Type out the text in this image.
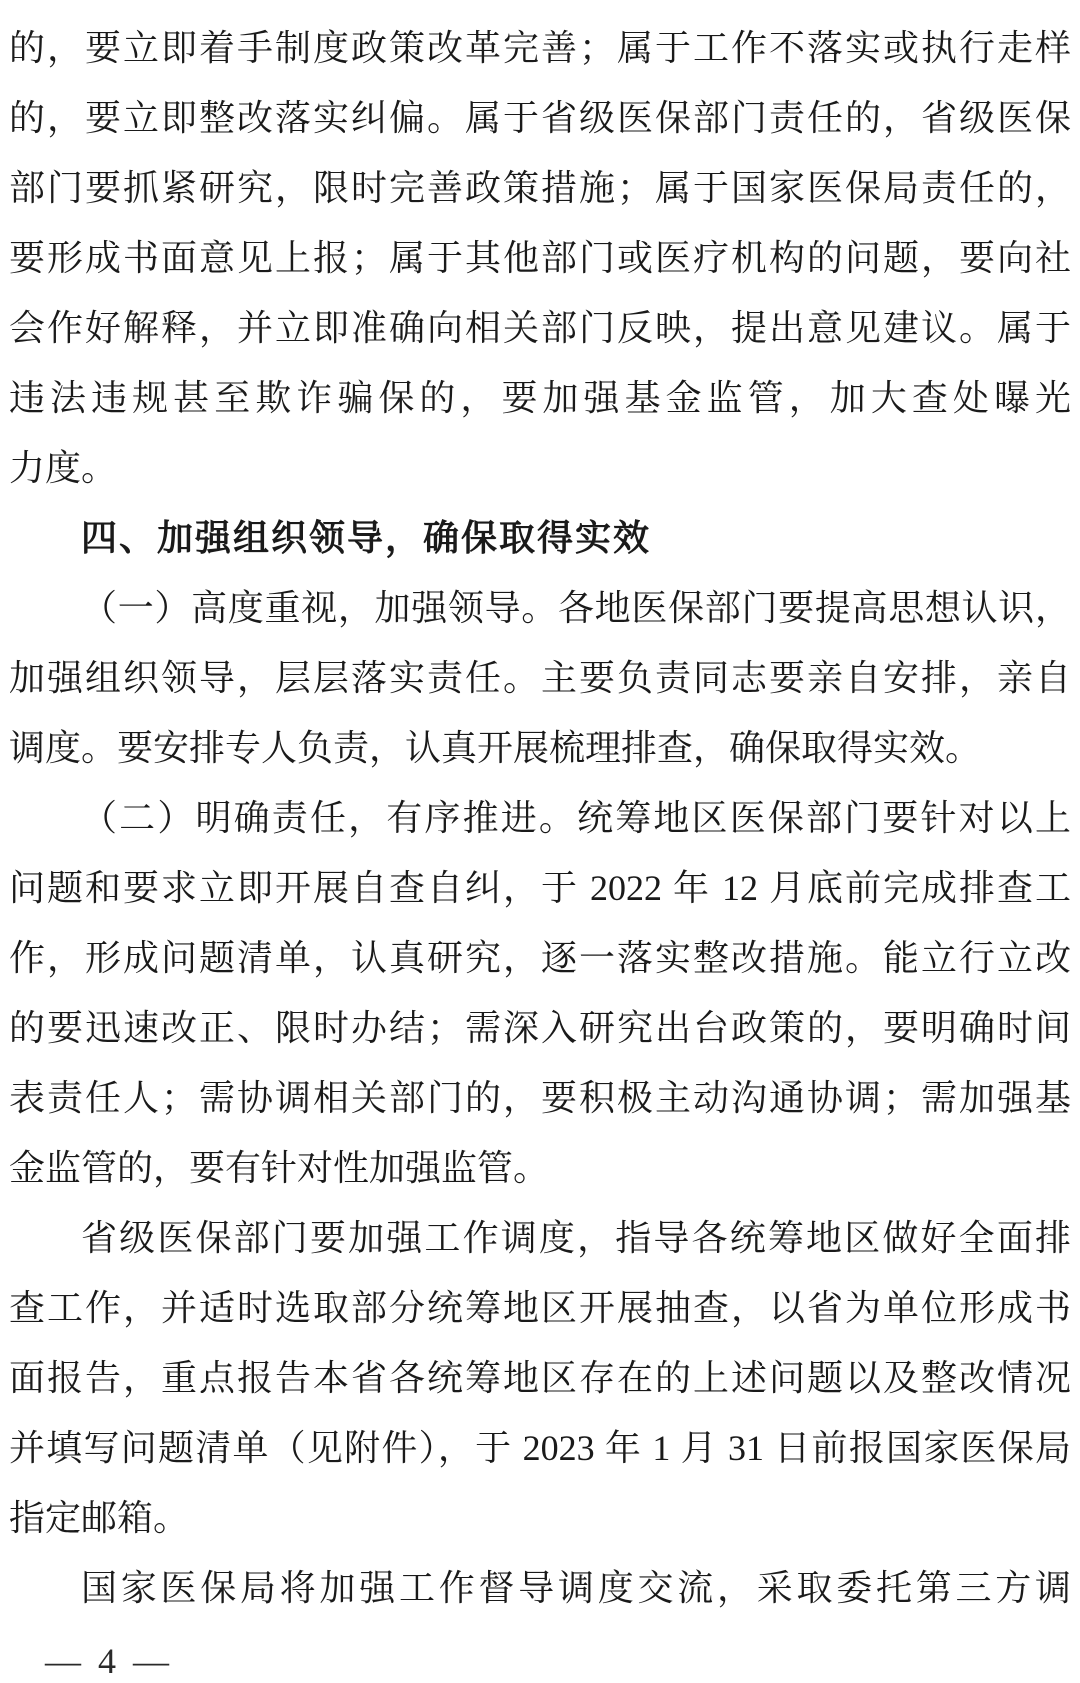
的，要立即着手制度政策改革完善；属于工作不落实或执行走样
的，要立即整改落实纠偏。属于省级医保部门责任的，省级医保
部门要抓紧研究，限时完善政策措施；属于国家医保局责任的，
要形成书面意见上报；属于其他部门或医疗机构的问题，要向社
会作好解释，并立即准确向相关部门反映，提出意见建议。属于
违法违规甚至欺诈骗保的，要加强基金监管，加大查处曝光
力度。
四、加强组织领导，确保取得实效
（一）高度重视，加强领导。各地医保部门要提高思想认识，
加强组织领导，层层落实责任。主要负责同志要亲自安排，亲自
调度。要安排专人负责，认真开展梳理排查，确保取得实效。
（二）明确责任，有序推进。统筹地区医保部门要针对以上
问题和要求立即开展自查自纠，于 2022 年 12 月底前完成排查工
作，形成问题清单，认真研究，逐一落实整改措施。能立行立改
的要迅速改正、限时办结；需深入研究出台政策的，要明确时间
表责任人；需协调相关部门的，要积极主动沟通协调；需加强基
金监管的，要有针对性加强监管。
省级医保部门要加强工作调度，指导各统筹地区做好全面排
查工作，并适时选取部分统筹地区开展抽查，以省为单位形成书
面报告，重点报告本省各统筹地区存在的上述问题以及整改情况
并填写问题清单（见附件），于 2023 年 1 月 31 日前报国家医保局
指定邮箱。
国家医保局将加强工作督导调度交流，采取委托第三方调
— 4 —
